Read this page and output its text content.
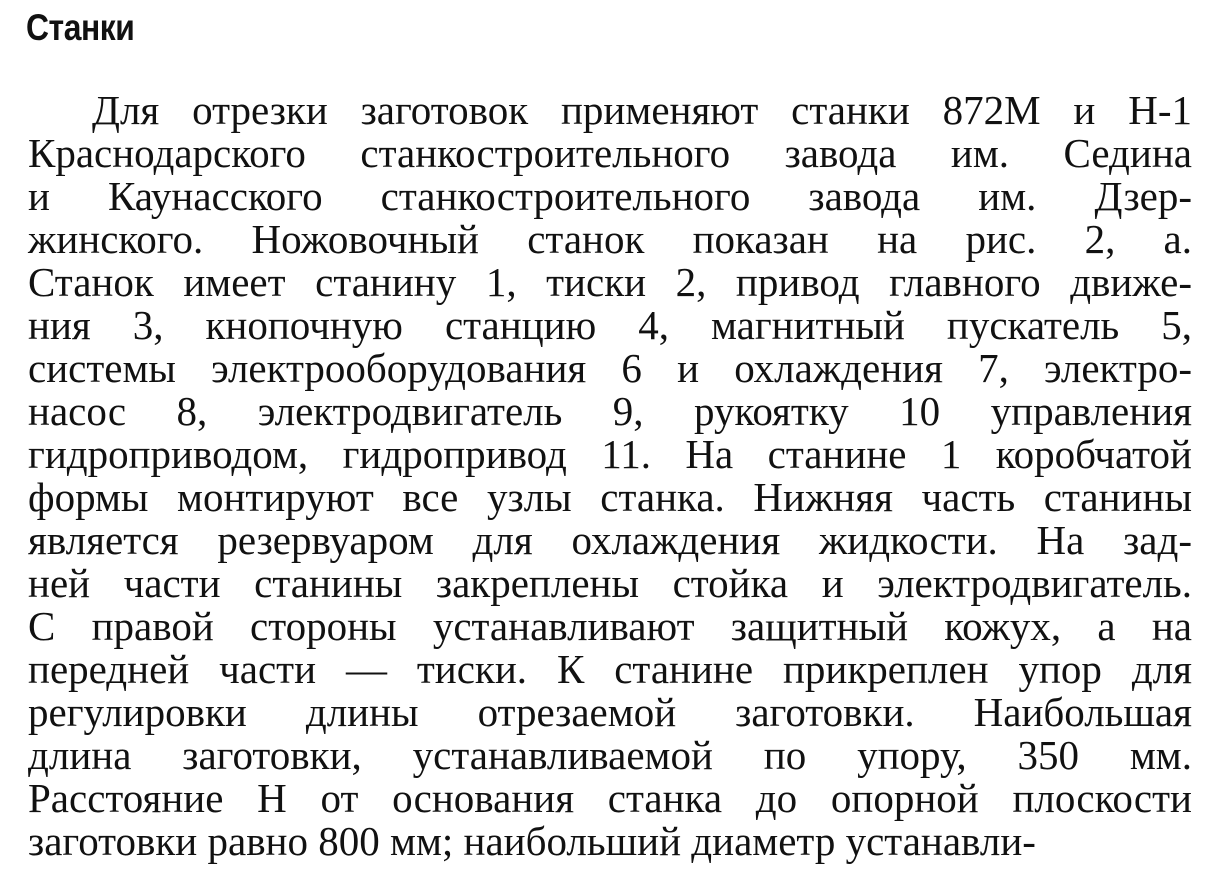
Станки
Для отрезки заготовок применяют станки 872М и Н-1
Краснодарского станкостроительного завода им. Седина
и Каунасского станкостроительного завода им. Дзер-
жинского. Ножовочный станок показан на рис. 2, а.
Станок имеет станину 1, тиски 2, привод главного движе-
ния 3, кнопочную станцию 4, магнитный пускатель 5,
системы электрооборудования 6 и охлаждения 7, электро-
насос 8, электродвигатель 9, рукоятку 10 управления
гидроприводом, гидропривод 11. На станине 1 коробчатой
формы монтируют все узлы станка. Нижняя часть станины
является резервуаром для охлаждения жидкости. На зад-
ней части станины закреплены стойка и электродвигатель.
С правой стороны устанавливают защитный кожух, а на
передней части — тиски. К станине прикреплен упор для
регулировки длины отрезаемой заготовки. Наибольшая
длина заготовки, устанавливаемой по упору, 350 мм.
Расстояние Н от основания станка до опорной плоскости
заготовки равно 800 мм; наибольший диаметр устанавли-
